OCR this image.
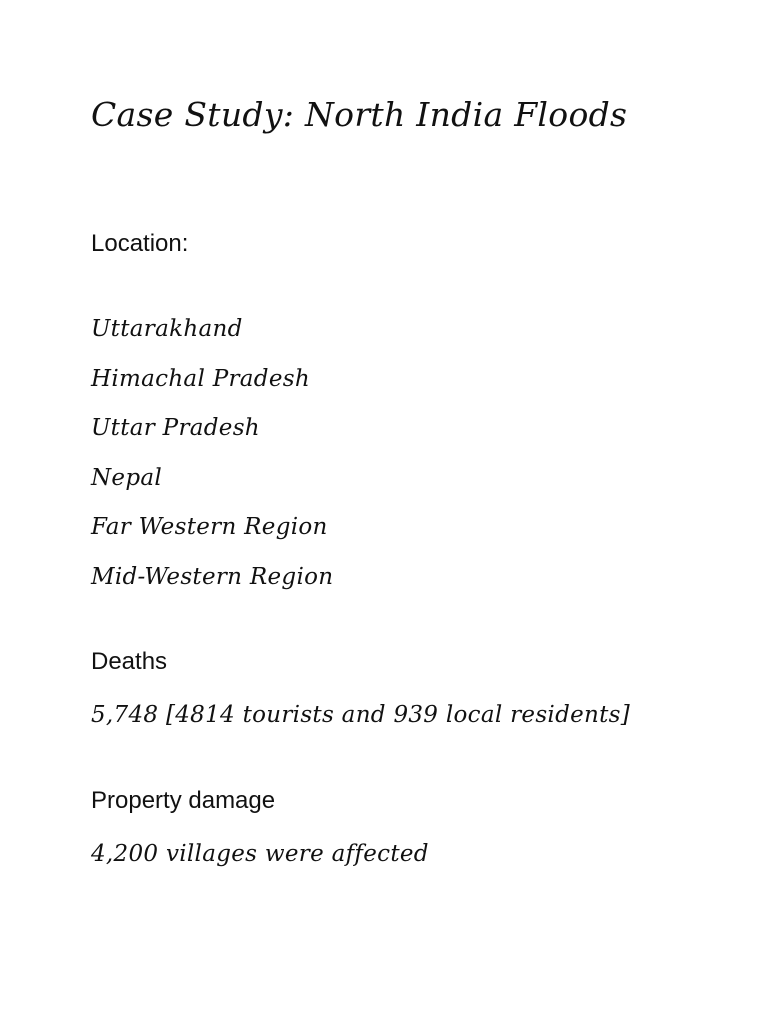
Case Study: North India Floods
Location:
Uttarakhand
Himachal Pradesh
Uttar Pradesh
Nepal
Far Western Region
Mid-Western Region
Deaths

5,748 [4814 tourists and 939 local residents]

Property damage

4,200 villages were affected
